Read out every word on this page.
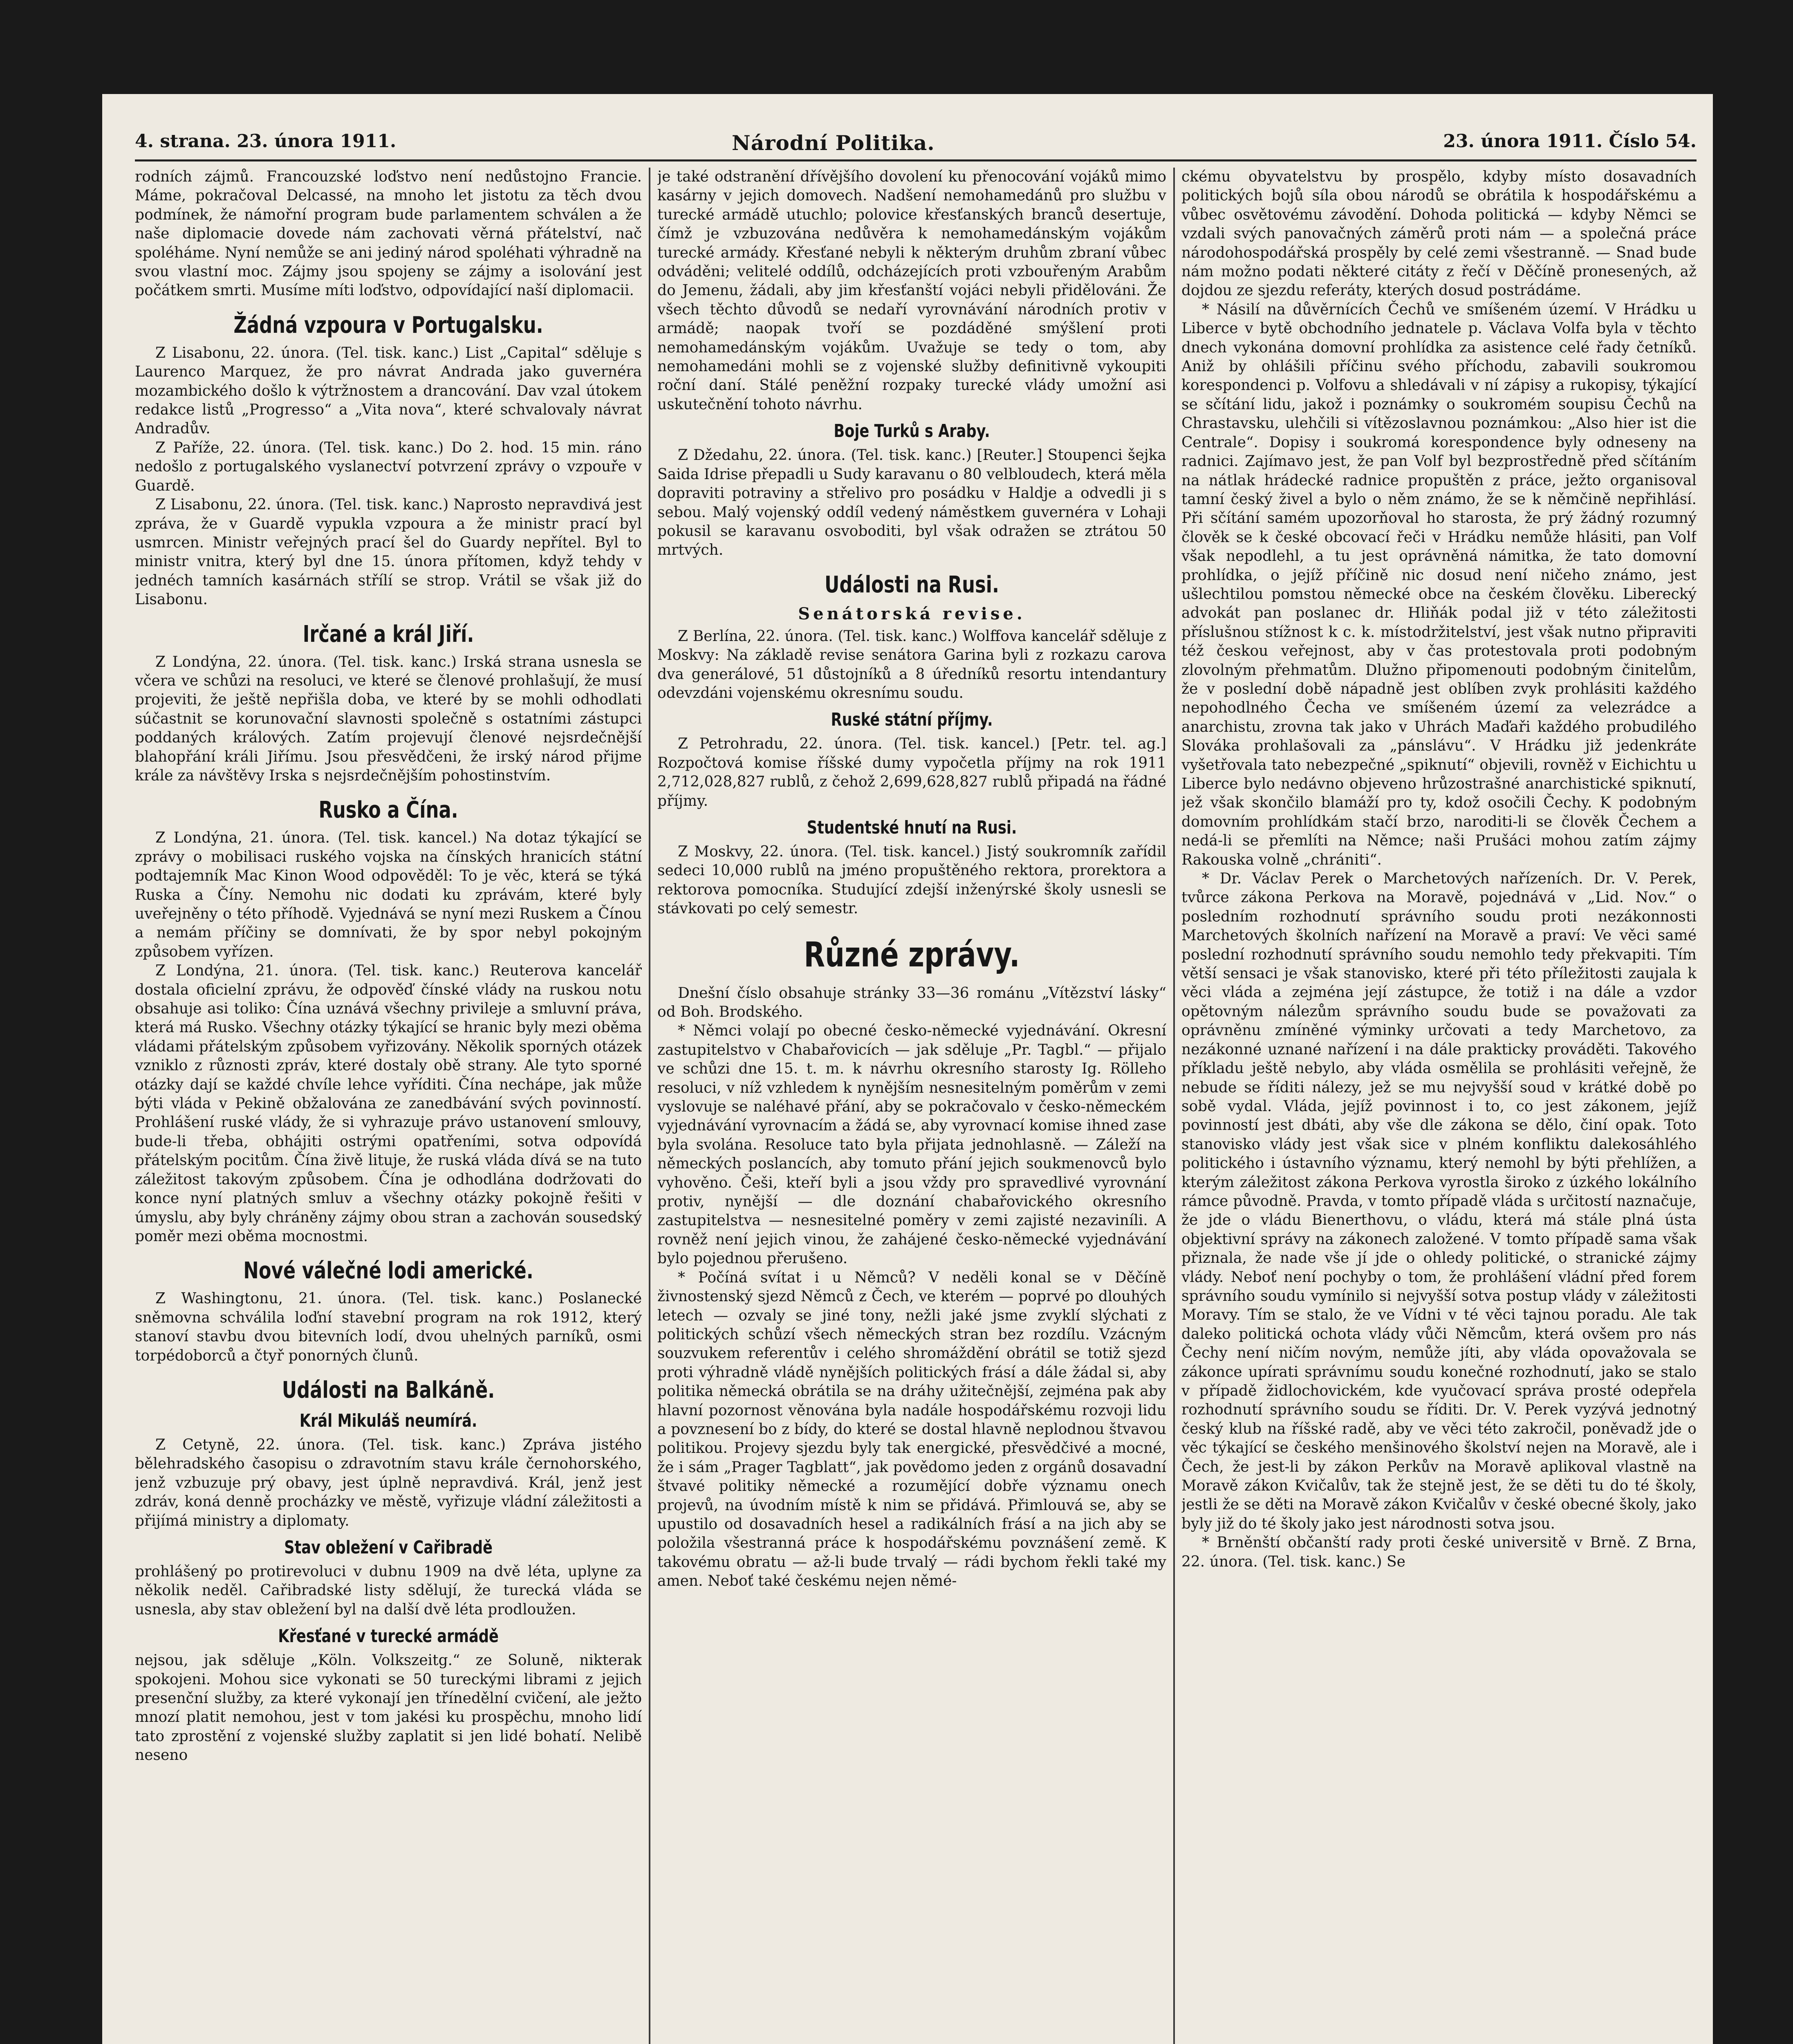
4. strana. 23. února 1911.	Národní Politika.	23. února 1911. Číslo 54.

rodních zájmů. Francouzské loďstvo není nedůstojno Francie. Máme, pokračoval Delcassé, na mnoho let jistotu za těch dvou podmínek, že námořní program bude parlamentem schválen a že naše diplomacie dovede nám zachovati věrná přátelství, nač spoléháme. Nyní nemůže se ani jediný národ spoléhati výhradně na svou vlastní moc. Zájmy jsou spojeny se zájmy a isolování jest počátkem smrti. Musíme míti loďstvo, odpovídající naší diplomacii.

Žádná vzpoura v Portugalsku.

Z Lisabonu, 22. února. (Tel. tisk. kanc.) List „Capital“ sděluje s Laurenco Marquez, že pro návrat Andrada jako guvernéra mozambického došlo k výtržnostem a drancování. Dav vzal útokem redakce listů „Progresso“ a „Vita nova“, které schvalovaly návrat Andradův.

Z Paříže, 22. února. (Tel. tisk. kanc.) Do 2. hod. 15 min. ráno nedošlo z portugalského vyslanectví potvrzení zprávy o vzpouře v Guardě.

Z Lisabonu, 22. února. (Tel. tisk. kanc.) Naprosto nepravdivá jest zpráva, že v Guardě vypukla vzpoura a že ministr prací byl usmrcen. Ministr veřejných prací šel do Guardy nepřítel. Byl to ministr vnitra, který byl dne 15. února přítomen, když tehdy v jednéch tamních kasárnách střílí se strop. Vrátil se však již do Lisabonu.

Irčané a král Jiří.

Z Londýna, 22. února. (Tel. tisk. kanc.) Irská strana usnesla se včera ve schůzi na resoluci, ve které se členové prohlašují, že musí projeviti, že ještě nepřišla doba, ve které by se mohli odhodlati súčastnit se korunovační slavnosti společně s ostatními zástupci poddaných králových. Zatím projevují členové nejsrdečnější blahopřání králi Jiřímu. Jsou přesvědčeni, že irský národ přijme krále za návštěvy Irska s nejsrdečnějším pohostinstvím.

Rusko a Čína.

Z Londýna, 21. února. (Tel. tisk. kancel.) Na dotaz týkající se zprávy o mobilisaci ruského vojska na čínských hranicích státní podtajemník Mac Kinon Wood odpověděl: To je věc, která se týká Ruska a Číny. Nemohu nic dodati ku zprávám, které byly uveřejněny o této příhodě. Vyjednává se nyní mezi Ruskem a Čínou a nemám příčiny se domnívati, že by spor nebyl pokojným způsobem vyřízen.

Z Londýna, 21. února. (Tel. tisk. kanc.) Reuterova kancelář dostala oficielní zprávu, že odpověď čínské vlády na ruskou notu obsahuje asi toliko: Čína uznává všechny privileje a smluvní práva, která má Rusko. Všechny otázky týkající se hranic byly mezi oběma vládami přátelským způsobem vyřizovány. Několik sporných otázek vzniklo z různosti zpráv, které dostaly obě strany. Ale tyto sporné otázky dají se každé chvíle lehce vyříditi. Čína nechápe, jak může býti vláda v Pekině obžalována ze zanedbávání svých povinností. Prohlášení ruské vlády, že si vyhrazuje právo ustanovení smlouvy, bude-li třeba, obhájiti ostrými opatřeními, sotva odpovídá přátelským pocitům. Čína živě lituje, že ruská vláda dívá se na tuto záležitost takovým způsobem. Čína je odhodlána dodržovati do konce nyní platných smluv a všechny otázky pokojně řešiti v úmyslu, aby byly chráněny zájmy obou stran a zachován sousedský poměr mezi oběma mocnostmi.

Nové válečné lodi americké.

Z Washingtonu, 21. února. (Tel. tisk. kanc.) Poslanecké sněmovna schválila loďní stavební program na rok 1912, který stanoví stavbu dvou bitevních lodí, dvou uhelných parníků, osmi torpédoborců a čtyř ponorných člunů.

Události na Balkáně.
Král Mikuláš neumírá.

Z Cetyně, 22. února. (Tel. tisk. kanc.) Zpráva jistého bělehradského časopisu o zdravotním stavu krále černohorského, jenž vzbuzuje prý obavy, jest úplně nepravdivá. Král, jenž jest zdráv, koná denně procházky ve městě, vyřizuje vládní záležitosti a přijímá ministry a diplomaty.

Stav obležení v Cařibradě

prohlášený po protirevoluci v dubnu 1909 na dvě léta, uplyne za několik neděl. Cařibradské listy sdělují, že turecká vláda se usnesla, aby stav obležení byl na další dvě léta prodloužen.

Křesťané v turecké armádě

nejsou, jak sděluje „Köln. Volkszeitg.“ ze Soluně, nikterak spokojeni. Mohou sice vykonati se 50 tureckými librami z jejich presenční služby, za které vykonají jen třínedělní cvičení, ale ježto mnozí platit nemohou, jest v tom jakési ku prospěchu, mnoho lidí tato zprostění z vojenské služby zaplatit si jen lidé bohatí. Nelibě neseno

je také odstranění dřívějšího dovolení ku přenocování vojáků mimo kasárny v jejich domovech. Nadšení nemohamedánů pro službu v turecké armádě utuchlo; polovice křesťanských branců desertuje, čímž je vzbuzována nedůvěra k nemohamedánským vojákům turecké armády. Křesťané nebyli k některým druhům zbraní vůbec odváděni; velitelé oddílů, odcházejících proti vzbouřeným Arabům do Jemenu, žádali, aby jim křesťanští vojáci nebyli přidělováni. Že všech těchto důvodů se nedaří vyrovnávání národních protiv v armádě; naopak tvoří se pozdáděné smýšlení proti nemohamedánským vojákům. Uvažuje se tedy o tom, aby nemohamedáni mohli se z vojenské služby definitivně vykoupiti roční daní. Stálé peněžní rozpaky turecké vlády umožní asi uskutečnění tohoto návrhu.

Boje Turků s Araby.

Z Džedahu, 22. února. (Tel. tisk. kanc.) [Reuter.] Stoupenci šejka Saida Idrise přepadli u Sudy karavanu o 80 velbloudech, která měla dopraviti potraviny a střelivo pro posádku v Haldje a odvedli ji s sebou. Malý vojenský oddíl vedený náměstkem guvernéra v Lohaji pokusil se karavanu osvoboditi, byl však odražen se ztrátou 50 mrtvých.

Události na Rusi.
Senátorská revise.

Z Berlína, 22. února. (Tel. tisk. kanc.) Wolffova kancelář sděluje z Moskvy: Na základě revise senátora Garina byli z rozkazu carova dva generálové, 51 důstojníků a 8 úředníků resortu intendantury odevzdáni vojenskému okresnímu soudu.

Ruské státní příjmy.

Z Petrohradu, 22. února. (Tel. tisk. kancel.) [Petr. tel. ag.] Rozpočtová komise říšské dumy vypočetla příjmy na rok 1911 2,712,028,827 rublů, z čehož 2,699,628,827 rublů připadá na řádné příjmy.

Studentské hnutí na Rusi.

Z Moskvy, 22. února. (Tel. tisk. kancel.) Jistý soukromník zařídil sedeci 10,000 rublů na jméno propuštěného rektora, prorektora a rektorova pomocníka. Studující zdejší inženýrské školy usnesli se stávkovati po celý semestr.

Různé zprávy.

Dnešní číslo obsahuje stránky 33—36 románu „Vítězství lásky“ od Boh. Brodského.

* Němci volají po obecné česko-německé vyjednávání. Okresní zastupitelstvo v Chabařovicích — jak sděluje „Pr. Tagbl.“ — přijalo ve schůzi dne 15. t. m. k návrhu okresního starosty Ig. Rölleho resoluci, v níž vzhledem k nynějším nesnesitelným poměrům v zemi vyslovuje se naléhavé přání, aby se pokračovalo v česko-německém vyjednávání vyrovnacím a žádá se, aby vyrovnací komise ihned zase byla svolána. Resoluce tato byla přijata jednohlasně. — Záleží na německých poslancích, aby tomuto přání jejich soukmenovců bylo vyhověno. Češi, kteří byli a jsou vždy pro spravedlivé vyrovnání protiv, nynější — dle doznání chabařovického okresního zastupitelstva — nesnesitelné poměry v zemi zajisté nezaviníli. A rovněž není jejich vinou, že zahájené česko-německé vyjednávání bylo pojednou přerušeno.

* Počíná svítat i u Němců? V neděli konal se v Děčíně živnostenský sjezd Němců z Čech, ve kterém — poprvé po dlouhých letech — ozvaly se jiné tony, nežli jaké jsme zvyklí slýchati z politických schůzí všech německých stran bez rozdílu. Vzácným souzvukem referentův i celého shromáždění obrátil se totiž sjezd proti výhradně vládě nynějších politických frásí a dále žádal si, aby politika německá obrátila se na dráhy užitečnější, zejména pak aby hlavní pozornost věnována byla nadále hospodářskému rozvoji lidu a povznesení bo z bídy, do které se dostal hlavně neplodnou štvavou politikou. Projevy sjezdu byly tak energické, přesvědčivé a mocné, že i sám „Prager Tagblatt“, jak povědomo jeden z orgánů dosavadní štvavé politiky německé a rozumějící dobře významu onech projevů, na úvodním místě k nim se přidává. Přimlouvá se, aby se upustilo od dosavadních hesel a radikálních frásí a na jich aby se položila všestranná práce k hospodářskému povznášení země. K takovému obratu — až-li bude trvalý — rádi bychom řekli také my amen. Neboť také českému nejen němé-

ckému obyvatelstvu by prospělo, kdyby místo dosavadních politických bojů síla obou národů se obrátila k hospodářskému a vůbec osvětovému závodění. Dohoda politická — kdyby Němci se vzdali svých panovačných záměrů proti nám — a společná práce národohospodářská prospěly by celé zemi všestranně. — Snad bude nám možno podati některé citáty z řečí v Děčíně pronesených, až dojdou ze sjezdu referáty, kterých dosud postrádáme.

* Násilí na důvěrnících Čechů ve smíšeném území. V Hrádku u Liberce v bytě obchodního jednatele p. Václava Volfa byla v těchto dnech vykonána domovní prohlídka za asistence celé řady četníků. Aniž by ohlášili příčinu svého příchodu, zabavili soukromou korespondenci p. Volfovu a shledávali v ní zápisy a rukopisy, týkající se sčítání lidu, jakož i poznámky o soukromém soupisu Čechů na Chrastavsku, ulehčili si vítězoslavnou poznámkou: „Also hier ist die Centrale“. Dopisy i soukromá korespondence byly odneseny na radnici. Zajímavo jest, že pan Volf byl bezprostředně před sčítáním na nátlak hrádecké radnice propuštěn z práce, ježto organisoval tamní český živel a bylo o něm známo, že se k němčině nepřihlásí. Při sčítání samém upozorňoval ho starosta, že prý žádný rozumný člověk se k české obcovací řeči v Hrádku nemůže hlásiti, pan Volf však nepodlehl, a tu jest oprávněná námitka, že tato domovní prohlídka, o jejíž příčině nic dosud není ničeho známo, jest ušlechtilou pomstou německé obce na českém člověku. Liberecký advokát pan poslanec dr. Hliňák podal již v této záležitosti příslušnou stížnost k c. k. místodržitelství, jest však nutno připraviti též českou veřejnost, aby v čas protestovala proti podobným zlovolným přehmatům. Dlužno připomenouti podobným činitelům, že v poslední době nápadně jest oblíben zvyk prohlásiti každého nepohodlného Čecha ve smíšeném území za velezrádce a anarchistu, zrovna tak jako v Uhrách Maďaři každého probudilého Slováka prohlašovali za „pánslávu“. V Hrádku již jedenkráte vyšetřovala tato nebezpečné „spiknutí“ objevili, rovněž v Eichichtu u Liberce bylo nedávno objeveno hrůzostrašné anarchistické spiknutí, jež však skončilo blamáží pro ty, kdož osočili Čechy. K podobným domovním prohlídkám stačí brzo, naroditi-li se člověk Čechem a nedá-li se přemlíti na Němce; naši Prušáci mohou zatím zájmy Rakouska volně „chrániti“.

* Dr. Václav Perek o Marchetových nařízeních. Dr. V. Perek, tvůrce zákona Perkova na Moravě, pojednává v „Lid. Nov.“ o posledním rozhodnutí správního soudu proti nezákonnosti Marchetových školních nařízení na Moravě a praví: Ve věci samé poslední rozhodnutí správního soudu nemohlo tedy překvapiti. Tím větší sensaci je však stanovisko, které při této příležitosti zaujala k věci vláda a zejména její zástupce, že totiž i na dále a vzdor opětovným nálezům správního soudu bude se považovati za oprávněnu zmíněné výminky určovati a tedy Marchetovo, za nezákonné uznané nařízení i na dále prakticky prováděti. Takového příkladu ještě nebylo, aby vláda osmělila se prohlásiti veřejně, že nebude se říditi nálezy, jež se mu nejvyšší soud v krátké době po sobě vydal. Vláda, jejíž povinnost i to, co jest zákonem, jejíž povinností jest dbáti, aby vše dle zákona se dělo, činí opak. Toto stanovisko vlády jest však sice v plném konfliktu dalekosáhlého politického i ústavního významu, který nemohl by býti přehlížen, a kterým záležitost zákona Perkova vyrostla široko z úzkého lokálního rámce původně. Pravda, v tomto případě vláda s určitostí naznačuje, že jde o vládu Bienerthovu, o vládu, která má stále plná ústa objektivní správy na zákonech založené. V tomto případě sama však přiznala, že nade vše jí jde o ohledy politické, o stranické zájmy vlády. Neboť není pochyby o tom, že prohlášení vládní před forem správního soudu vymínilo si nejvyšší sotva postup vlády v záležitosti Moravy. Tím se stalo, že ve Vídni v té věci tajnou poradu. Ale tak daleko politická ochota vlády vůči Němcům, která ovšem pro nás Čechy není ničím novým, nemůže jíti, aby vláda opovažovala se zákonce upírati správnímu soudu konečné rozhodnutí, jako se stalo v případě židlochovickém, kde vyučovací správa prosté odepřela rozhodnutí správního soudu se říditi. Dr. V. Perek vyzývá jednotný český klub na říšské radě, aby ve věci této zakročil, poněvadž jde o věc týkající se českého menšinového školství nejen na Moravě, ale i Čech, že jest-li by zákon Perkův na Moravě aplikoval vlastně na Moravě zákon Kvičalův, tak že stejně jest, že se děti tu do té školy, jestli že se děti na Moravě zákon Kvičalův v české obecné školy, jako byly již do té školy jako jest národnosti sotva jsou.

* Brněnští občanští rady proti české universitě v Brně. Z Brna, 22. února. (Tel. tisk. kanc.) Se
